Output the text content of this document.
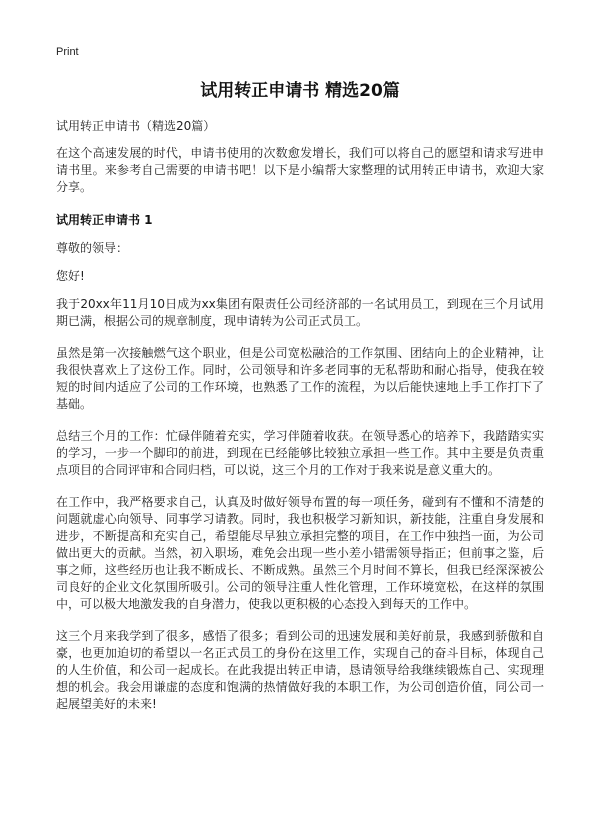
Print
试用转正申请书 精选20篇

试用转正申请书（精选20篇）

在这个高速发展的时代，申请书使用的次数愈发增长，我们可以将自己的愿望和请求写进申请书里。来参考自己需要的申请书吧！以下是小编帮大家整理的试用转正申请书，欢迎大家分享。

试用转正申请书 1

尊敬的领导：

您好!

我于20xx年11月10日成为xx集团有限责任公司经济部的一名试用员工，到现在三个月试用期已满，根据公司的规章制度，现申请转为公司正式员工。

虽然是第一次接触燃气这个职业，但是公司宽松融洽的工作氛围、团结向上的企业精神，让我很快喜欢上了这份工作。同时，公司领导和许多老同事的无私帮助和耐心指导，使我在较短的时间内适应了公司的工作环境，也熟悉了工作的流程，为以后能快速地上手工作打下了基础。

总结三个月的工作：忙碌伴随着充实，学习伴随着收获。在领导悉心的培养下，我踏踏实实的学习，一步一个脚印的前进，到现在已经能够比较独立承担一些工作。其中主要是负责重点项目的合同评审和合同归档，可以说，这三个月的工作对于我来说是意义重大的。

在工作中，我严格要求自己，认真及时做好领导布置的每一项任务，碰到有不懂和不清楚的问题就虚心向领导、同事学习请教。同时，我也积极学习新知识，新技能，注重自身发展和进步，不断提高和充实自己，希望能尽早独立承担完整的项目，在工作中独挡一面，为公司做出更大的贡献。当然，初入职场，难免会出现一些小差小错需领导指正；但前事之鉴，后事之师，这些经历也让我不断成长、不断成熟。虽然三个月时间不算长，但我已经深深被公司良好的企业文化氛围所吸引。公司的领导注重人性化管理，工作环境宽松，在这样的氛围中，可以极大地激发我的自身潜力，使我以更积极的心态投入到每天的工作中。

这三个月来我学到了很多，感悟了很多；看到公司的迅速发展和美好前景，我感到骄傲和自豪，也更加迫切的希望以一名正式员工的身份在这里工作，实现自己的奋斗目标，体现自己的人生价值，和公司一起成长。在此我提出转正申请，恳请领导给我继续锻炼自己、实现理想的机会。我会用谦虚的态度和饱满的热情做好我的本职工作，为公司创造价值，同公司一起展望美好的未来!
